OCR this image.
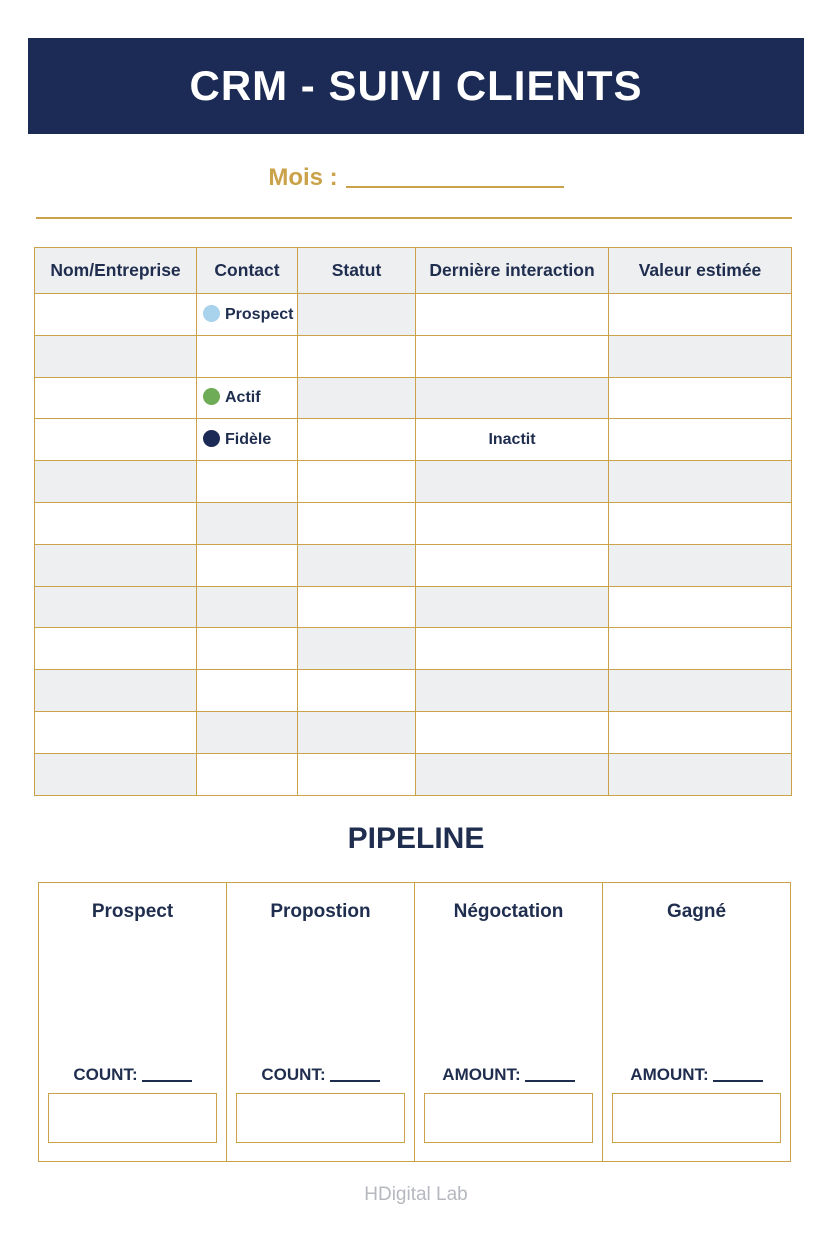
CRM - SUIVI CLIENTS
Mois :
Nom/Entreprise	Contact	Statut	Dernière interaction	Valeur estimée
	Prospect			

	Actif			
	Fidèle		Inactit	

PIPELINE
Prospect
COUNT:
Propostion
COUNT:
Négoctation
AMOUNT:
Gagné
AMOUNT:
HDigital Lab
